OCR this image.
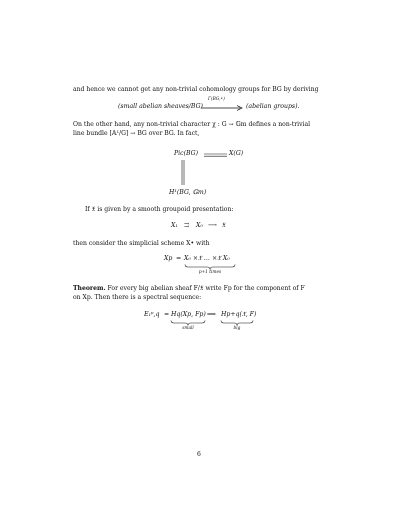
and hence we cannot get any non-trivial cohomology groups for BG by deriving
(small abelian sheaves/BG)
Γ(BG,•)
(abelian groups).
On the other hand, any non-trivial character χ : G → 𝔾m defines a non-trivial
line bundle [𝔸¹/G] → BG over BG. In fact,
Pic(BG)	X(G)
H¹(BG, 𝔾m)
If 𝔛 is given by a smooth groupoid presentation:
X₁ ⇉ X₀ ⟶ 𝔛
then consider the simplicial scheme X• with
Xp = X₀ ×𝔛 … ×𝔛 X₀
p+1 times
Theorem. For every big abelian sheaf F/𝔛 write Fp for the component of F
on Xp. Then there is a spectral sequence:
E₁ᵖ,q = Hq(Xp, Fp) ⟹ Hp+q(𝔛, F)
small	big
6
